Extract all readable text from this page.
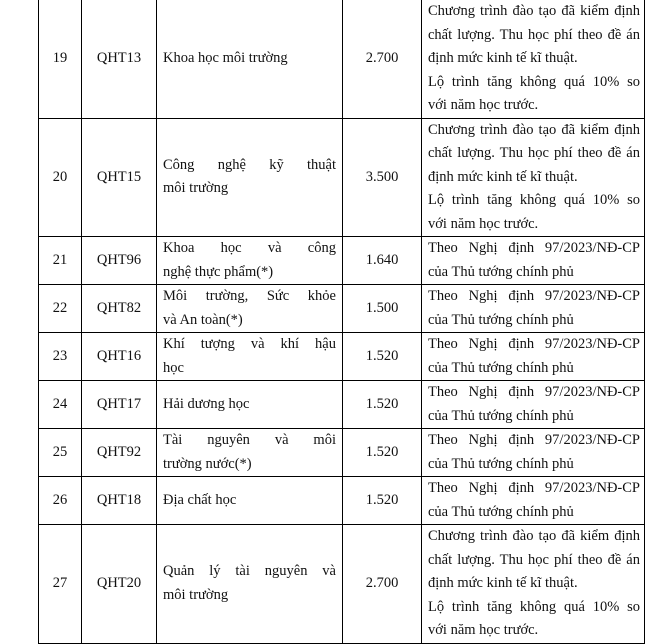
19	QHT13	Khoa học môi trường	2.700	Chương trình đào tạo đã kiểm định
chất lượng. Thu học phí theo đề án
định mức kinh tế kĩ thuật.
Lộ trình tăng không quá 10% so
với năm học trước.

20	QHT15	Công nghệ kỹ thuật
môi trường	3.500	Chương trình đào tạo đã kiểm định
chất lượng. Thu học phí theo đề án
định mức kinh tế kĩ thuật.
Lộ trình tăng không quá 10% so
với năm học trước.

21	QHT96	Khoa học và công
nghệ thực phẩm(*)	1.640	Theo Nghị định 97/2023/NĐ-CP
của Thủ tướng chính phủ

22	QHT82	Môi trường, Sức khỏe
và An toàn(*)	1.500	Theo Nghị định 97/2023/NĐ-CP
của Thủ tướng chính phủ

23	QHT16	Khí tượng và khí hậu
học	1.520	Theo Nghị định 97/2023/NĐ-CP
của Thủ tướng chính phủ

24	QHT17	Hải dương học	1.520	Theo Nghị định 97/2023/NĐ-CP
của Thủ tướng chính phủ

25	QHT92	Tài nguyên và môi
trường nước(*)	1.520	Theo Nghị định 97/2023/NĐ-CP
của Thủ tướng chính phủ

26	QHT18	Địa chất học	1.520	Theo Nghị định 97/2023/NĐ-CP
của Thủ tướng chính phủ

27	QHT20	Quản lý tài nguyên và
môi trường	2.700	Chương trình đào tạo đã kiểm định
chất lượng. Thu học phí theo đề án
định mức kinh tế kĩ thuật.
Lộ trình tăng không quá 10% so
với năm học trước.
